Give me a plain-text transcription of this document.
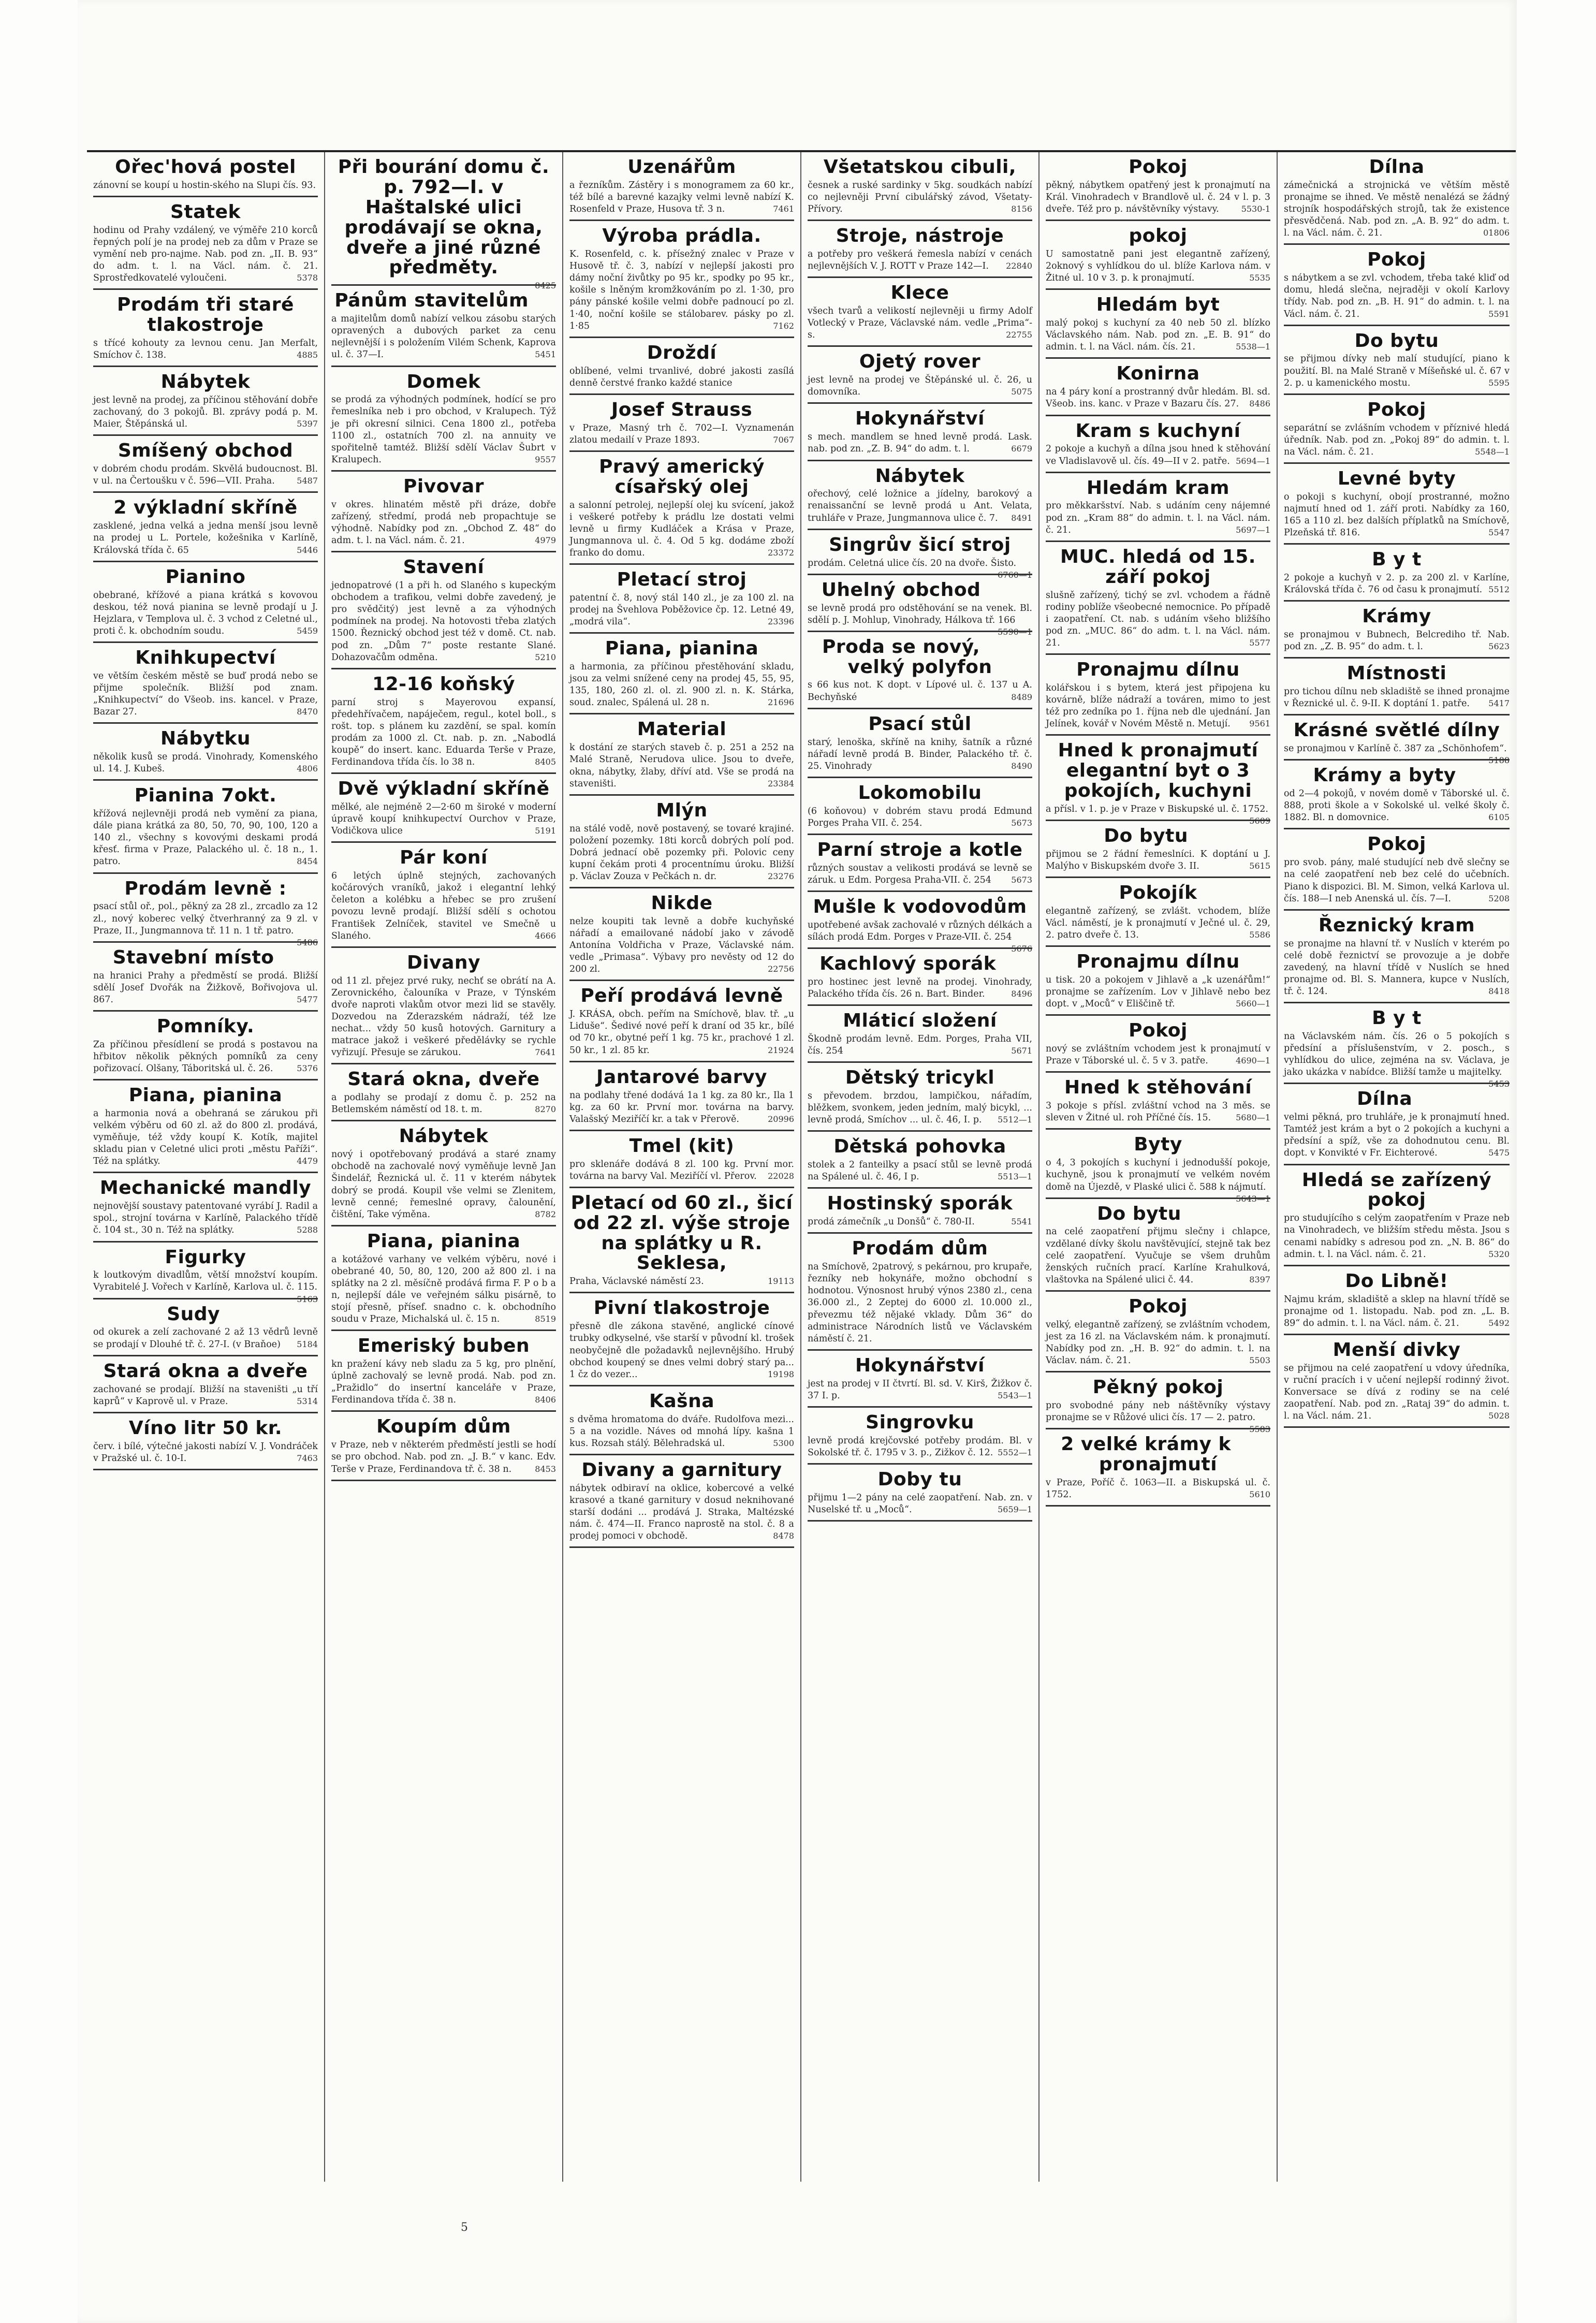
Ořec'hová postel

zánovní se koupí u hostin-ského na Slupi čís. 93.

Statek

hodinu od Prahy vzdálený, ve výměře 210 korců řepných polí je na prodej neb za dům v Praze se vymění neb pro-najme. Nab. pod zn. „II. B. 93“ do adm. t. l. na Václ. nám. č. 21. Sprostředkovatelé vyloučeni.	5378

Prodám tři staré tlakostroje

s třícé kohouty za levnou cenu. Jan Merfalt, Smíchov č. 138.	4885

Nábytek

jest levně na prodej, za příčinou stěhování dobře zachovaný, do 3 pokojů. Bl. zprávy podá p. M. Maier, Štěpánská ul.	5397

Smíšený obchod

v dobrém chodu prodám. Skvělá budoucnost. Bl. v ul. na Čertoušku v č. 596—VII. Praha.	5487

2 výkladní skříně

zasklené, jedna velká a jedna menší jsou levně na prodej u L. Portele, kožešnika v Karlíně, Královská třída č. 65	5446

Pianino

obebrané, křížové a piana krátká s kovovou deskou, též nová pianina se levně prodají u J. Hejzlara, v Templova ul. č. 3 vchod z Celetné ul., proti č. k. obchodním soudu.	5459

Knihkupectví

ve větším českém městě se buď prodá nebo se přijme společník. Bližší pod znam. „Knihkupectví“ do Všeob. ins. kancel. v Praze, Bazar 27.	8470

Nábytku

několik kusů se prodá. Vinohrady, Komenského ul. 14. J. Kubeš.	4806

Pianina 7okt.

křížová nejlevněji prodá neb vymění za piana, dále piana krátká za 80, 50, 70, 90, 100, 120 a 140 zl., všechny s kovovými deskami prodá křesť. firma v Praze, Palackého ul. č. 18 n., 1. patro.	8454

Prodám levně :

psací stůl oř., pol., pěkný za 28 zl., zrcadlo za 12 zl., nový koberec velký čtverhranný za 9 zl. v Praze, II., Jungmannova tř. 11 n. 1 tř. patro.
5486

Stavební místo

na hranici Prahy a předměstí se prodá. Bližší sdělí Josef Dvořák na Žižkově, Bořivojova ul. 867.	5477

Pomníky.

Za příčinou přesídlení se prodá s postavou na hřbitov několik pěkných pomníků za ceny pořizovací. Olšany, Táboritská ul. č. 26.	5376

Piana, pianina

a harmonia nová a obehraná se zárukou při velkém výběru od 60 zl. až do 800 zl. prodává, vyměňuje, též vždy koupí K. Kotík, majitel skladu pian v Celetné ulici proti „městu Paříži“. Též na splátky.	4479

Mechanické mandly

nejnovější soustavy patentované vyrábí J. Radil a spol., strojní továrna v Karlíně, Palackého třídě č. 104 st., 30 n. Též na splátky.	5288

Figurky

k loutkovým divadlům, větší množství koupím. Vyrabitelé J. Vořech v Karlíně, Karlova ul. č. 115.
5163

Sudy

od okurek a zelí zachované 2 až 13 vědrů levně se prodají v Dlouhé tř. č. 27-I. (v Braňoe)	5184

Stará okna a dveře

zachované se prodají. Bližší na staveništi „u tří kaprů“ v Kaprově ul. v Praze.	5314

Víno litr 50 kr.

červ. i bílé, výtečné jakosti nabízí V. J. Vondráček v Pražské ul. č. 10-I.	7463

Při bourání domu č. p. 792—I. v Haštalské ulici prodávají se okna, dveře a jiné různé předměty.

8425

Pánům stavitelům

a majitelům domů nabízí velkou zásobu starých opravených a dubových parket za cenu nejlevnější i s položením Vilém Schenk, Kaprova ul. č. 37—I.	5451

Domek

se prodá za výhodných podmínek, hodící se pro řemeslníka neb i pro obchod, v Kralupech. Týž je při okresní silnici. Cena 1800 zl., potřeba 1100 zl., ostatních 700 zl. na annuity ve spořitelně tamtéž. Bližší sdělí Václav Šubrt v Kralupech.	9557

Pivovar

v okres. hlinatém městě při dráze, dobře zařízený, středmí, prodá neb propachtuje se výhodně. Nabídky pod zn. „Obchod Z. 48“ do adm. t. l. na Václ. nám. č. 21.	4979

Stavení

jednopatrové (1 a při h. od Slaného s kupeckým obchodem a trafikou, velmi dobře zavedený, je pro svědčitý) jest levně a za výhodných podmínek na prodej. Na hotovosti třeba zlatých 1500. Řeznický obchod jest též v domě. Ct. nab. pod zn. „Dům 7“ poste restante Slané. Dohazovačům odměna.	5210

12-16 koňský

parní stroj s Mayerovou expansí, předehřívačem, napáječem, regul., kotel boll., s rošt. top. s plánem ku zazdění, se spal. komín prodám za 1000 zl. Ct. nab. p. zn. „Nabodlá koupě“ do insert. kanc. Eduarda Terše v Praze, Ferdinandova třída čís. lo 38 n.	8405

Dvě výkladní skříně

mělké, ale nejméně 2—2·60 m široké v moderní úpravě koupí knihkupectví Ourchov v Praze, Vodičkova ulice	5191

Pár koní

6 letých úplně stejných, zachovaných kočárových vraníků, jakož i elegantní lehký čeleton a kolébku a hřebec se pro zrušení povozu levně prodají. Bližší sdělí s ochotou František Zelníček, stavitel ve Smečně u Slaného.	4666

Divany

od 11 zl. přejez prvé ruky, nechť se obrátí na A. Zerovnického, čalouníka v Praze, v Týnském dvoře naproti vlakům otvor mezi lid se stavěly. Dozvedou na Zderazském nádraží, též lze nechat... vždy 50 kusů hotových. Garnitury a matrace jakož i veškeré předělávky se rychle vyřizují. Přesuje se zárukou.	7641

Stará okna, dveře

a podlahy se prodají z domu č. p. 252 na Betlemském náměstí od 18. t. m.	8270

Nábytek

nový i opotřebovaný prodává a staré znamy obchodě na zachovalé nový vyměňuje levně Jan Šindelář, Řeznická ul. č. 11 v kterém nábytek dobrý se prodá. Koupil vše velmi se Zlenitem, levně cenné; řemeslné opravy, čalounění, čištění, Take výměna.	8782

Piana, pianina

a kotážové varhany ve velkém výběru, nové i obebrané 40, 50, 80, 120, 200 až 800 zl. i na splátky na 2 zl. měsíčně prodává firma F. P o b a n, nejlepší dále ve veřejném sálku pisárně, to stojí přesně, přísef. snadno c. k. obchodního soudu v Praze, Michalská ul. č. 15 n.	8519

Emeriský buben

kn pražení kávy neb sladu za 5 kg, pro plnění, úplně zachovalý se levně prodá. Nab. pod zn. „Pražidlo“ do insertní kanceláře v Praze, Ferdinandova třída č. 38 n.	8406

Koupím dům

v Praze, neb v některém předměstí jestli se hodí se pro obchod. Nab. pod zn. „J. B.“ v kanc. Edv. Terše v Praze, Ferdinandova tř. č. 38 n.	8453

Uzenářům

a řezníkům. Zástěry i s monogramem za 60 kr., též bílé a barevné kazajky velmi levně nabízí K. Rosenfeld v Praze, Husova tř. 3 n.	7461

Výroba prádla.

K. Rosenfeld, c. k. přísežný znalec v Praze v Husově tř. č. 3, nabízí v nejlepší jakosti pro dámy noční živůtky po 95 kr., spodky po 95 kr., košile s lněným kromžkováním po zl. 1·30, pro pány pánské košile velmi dobře padnoucí po zl. 1·40, noční košile se stálobarev. pásky po zl. 1·85	7162

Droždí

oblíbené, velmi trvanlivé, dobré jakosti zasílá denně čerstvé franko každé stanice

Josef Strauss

v Praze, Masný trh č. 702—I. Vyznamenán zlatou medailí v Praze 1893.	7067

Pravý americký císařský olej

a salonní petrolej, nejlepší olej ku svícení, jakož i veškeré potřeby k prádlu lze dostati velmi levně u firmy Kudláček a Krása v Praze, Jungmannova ul. č. 4. Od 5 kg. dodáme zboží franko do domu.	23372

Pletací stroj

patentní č. 8, nový stál 140 zl., je za 100 zl. na prodej na Švehlova Poběžovice čp. 12. Letné 49, „modrá vila“.	23396

Piana, pianina

a harmonia, za příčinou přestěhování skladu, jsou za velmi snížené ceny na prodej 45, 55, 95, 135, 180, 260 zl. ol. zl. 900 zl. n. K. Stárka, soud. znalec, Spálená ul. 28 n.	21696

Material

k dostání ze starých staveb č. p. 251 a 252 na Malé Straně, Nerudova ulice. Jsou to dveře, okna, nábytky, žlaby, dříví atd. Vše se prodá na staveništi.	23384

Mlýn

na stálé vodě, nově postavený, se tovaré krajiné. položení pozemky. 18ti korců dobrých polí pod. Dobrá jednací obě pozemky při. Polovic ceny kupní čekám proti 4 procentnímu úroku. Bližší p. Václav Zouza v Pečkách n. dr.	23276

Nikde

nelze koupiti tak levně a dobře kuchyňské nářadí a emailované nádobí jako v závodě Antonína Voldřicha v Praze, Václavské nám. vedle „Primasa“. Výbavy pro nevěsty od 12 do 200 zl.	22756

Peří prodává levně

J. KRÁSA, obch. peřím na Smíchově, blav. tř. „u Liduše“. Šedivé nové peří k draní od 35 kr., bílé od 70 kr., obytné peří 1 kg. 75 kr., prachové 1 zl. 50 kr., 1 zl. 85 kr.	21924

Jantarové barvy

na podlahy třené dodává 1a 1 kg. za 80 kr., Ila 1 kg. za 60 kr. První mor. továrna na barvy. Valašský Meziříčí kr. a tak v Přerově.	20996

Tmel (kit)

pro sklenáře dodává 8 zl. 100 kg. První mor. továrna na barvy Val. Meziříčí vl. Přerov.	22028

Pletací od 60 zl., šicí od 22 zl. výše stroje na splátky u R. Seklesa,

Praha, Václavské náměstí 23.	19113

Pivní tlakostroje

přesně dle zákona stavěné, anglické cínové trubky odkyselné, vše starší v původní kl. trošek neobyčejně dle požadavků nejlevnějšího. Hrubý obchod koupený se dnes velmi dobrý starý pa... 1 čz do vezer...	19198

Kašna

s dvěma hromatoma do dváře. Rudolfova mezi... 5 a na vozidle. Náves od mnohá lípy. kašna 1 kus. Rozsah stálý. Bělehradská ul.	5300

Divany a garnitury

nábytek odbiraví na oklice, kobercové a velké krasové a tkané garnitury v dosud neknihované starší dodáni ... prodává J. Straka, Maltézské nám. č. 474—II. Franco naprostě na stol. č. 8 a prodej pomoci v obchodě.	8478

Všetatskou cibuli,

česnek a ruské sardinky v 5kg. soudkách nabízí co nejlevněji První cibulářský závod, Všetaty-Přívory.	8156

Stroje, nástroje

a potřeby pro veškerá řemesla nabízí v cenách nejlevnějších V. J. ROTT v Praze 142—I.	22840

Klece

všech tvarů a velikostí nejlevněji u firmy Adolf Votlecký v Praze, Václavské nám. vedle „Prima“-s.	22755

Ojetý rover

jest levně na prodej ve Štěpánské ul. č. 26, u domovníka.	5075

Hokynářství

s mech. mandlem se hned levně prodá. Lask. nab. pod zn. „Z. B. 94“ do adm. t. l.	6679

Nábytek

ořechový, celé ložnice a jídelny, barokový a renaissanční se levně prodá u Ant. Velata, truhláře v Praze, Jungmannova ulice č. 7.	8491

Singrův šicí stroj

prodám. Celetná ulice čís. 20 na dvoře. Šisto.
6760—1

Uhelný obchod

se levně prodá pro odstěhování se na venek. Bl. sdělí p. J. Mohlup, Vinohrady, Hálkova tř. 166
5590—1

Proda se nový, velký polyfon

s 66 kus not. K dopt. v Lípové ul. č. 137 u A. Bechyňské	8489

Psací stůl

starý, lenoška, skříně na knihy, šatník a různé nářadí levně prodá B. Binder, Palackého tř. č. 25. Vinohrady	8490

Lokomobilu

(6 koňovou) v dobrém stavu prodá Edmund Porges Praha VII. č. 254.	5673

Parní stroje a kotle

různých soustav a velikosti prodává se levně se záruk. u Edm. Porgesa Praha-VII. č. 254	5673

Mušle k vodovodům

upotřebené avšak zachovalé v různých délkách a sílách prodá Edm. Porges v Praze-VII. č. 254
5676

Kachlový sporák

pro hostinec jest levně na prodej. Vinohrady, Palackého třída čís. 26 n. Bart. Binder.	8496

Mláticí složení

Škodně prodám levně. Edm. Porges, Praha VII, čís. 254	5671

Dětský tricykl

s převodem. brzdou, lampičkou, nářadím, blěžkem, svonkem, jeden jedním, malý bicykl, ... levně prodá, Smíchov ... ul. č. 46, I. p.	5512—1

Dětská pohovka

stolek a 2 fanteilky a psací stůl se levně prodá na Spálené ul. č. 46, I p.	5513—1

Hostinský sporák

prodá zámečník „u Donšů“ č. 780-II.	5541

Prodám dům

na Smíchově, 2patrový, s pekárnou, pro krupaře, řezníky neb hokynáře, možno obchodní s hodnotou. Výnosnost hrubý výnos 2380 zl., cena 36.000 zl., 2 Zeptej do 6000 zl. 10.000 zl., převezmu též nějaké vklady. Dům 36“ do administrace Národních listů ve Václavském náměstí č. 21.

Hokynářství

jest na prodej v II čtvrtí. Bl. sd. V. Kirš, Žižkov č. 37 I. p.	5543—1

Singrovku

levně prodá krejčovské potřeby prodám. Bl. v Sokolské tř. č. 1795 v 3. p., Zižkov č. 12. 5552—1

Doby tu

přijmu 1—2 pány na celé zaopatření. Nab. zn. v Nuselské tř. u „Moců“.	5659—1

Pokoj

pěkný, nábytkem opatřený jest k pronajmutí na Král. Vinohradech v Brandlově ul. č. 24 v l. p. 3 dveře. Též pro p. návštěvníky výstavy.	5530-1

pokoj

U samostatně pani jest elegantně zařízený, 2oknový s vyhlídkou do ul. blíže Karlova nám. v Žitné ul. 10 v 3. p. k pronajmutí.	5535

Hledám byt

malý pokoj s kuchyní za 40 neb 50 zl. blízko Václavského nám. Nab. pod zn. „E. B. 91“ do admin. t. l. na Václ. nám. čís. 21.	5538—1

Konirna

na 4 páry koní a prostranný dvůr hledám. Bl. sd. Všeob. ins. kanc. v Praze v Bazaru čís. 27.	8486

Kram s kuchyní

2 pokoje a kuchyň a dílna jsou hned k stěhování ve Vladislavově ul. čís. 49—II v 2. patře. 5694—1

Hledám kram

pro měkkaršství. Nab. s udáním ceny nájemné pod zn. „Kram 88“ do admin. t. l. na Václ. nám. č. 21.	5697—1

MUC. hledá od 15. září pokoj

slušně zařízený, tichý se zvl. vchodem a řádně rodiny poblíže všeobecné nemocnice. Po případě i zaopatření. Ct. nab. s udáním všeho bližšího pod zn. „MUC. 86“ do adm. t. l. na Václ. nám. 21.	5577

Pronajmu dílnu

kolářskou i s bytem, která jest připojena ku kovárně, blíže nádraží a továren, mimo to jest též pro zedníka po 1. října neb dle ujednání. Jan Jelínek, kovář v Novém Městě n. Metují.	9561

Hned k pronajmutí elegantní byt o 3 pokojích, kuchyni

a přísl. v 1. p. je v Praze v Biskupské ul. č. 1752.
5609

Do bytu

přijmou se 2 řádní řemeslníci. K doptání u J. Malýho v Biskupském dvoře 3. II.	5615

Pokojík

elegantně zařízený, se zvlášt. vchodem, blíže Václ. náměstí, je k pronajmutí v Ječné ul. č. 29, 2. patro dveře č. 13.	5586

Pronajmu dílnu

u tisk. 20 a pokojem v Jihlavě a „k uzenářům!“ pronajme se zařízením. Lov v Jihlavě nebo bez dopt. v „Moců“ v Eliščině tř.	5660—1

Pokoj

nový se zvláštním vchodem jest k pronajmutí v Praze v Táborské ul. č. 5 v 3. patře.	4690—1

Hned k stěhování

3 pokoje s přísl. zvláštní vchod na 3 měs. se sleven v Žitné ul. roh Příčné čís. 15.	5680—1

Byty

o 4, 3 pokojích s kuchyní i jednodušší pokoje, kuchyně, jsou k pronajmutí ve velkém novém domě na Újezdě, v Plaské ulici č. 588 k nájmutí.
5643—1

Do bytu

na celé zaopatření přijmu slečny i chlapce, vzdělané dívky školu navštěvující, stejně tak bez celé zaopatření. Vyučuje se všem druhům ženských ručních prací. Karlíne Krahulková, vlaštovka na Spálené ulici č. 44.	8397

Pokoj

velký, elegantně zařízený, se zvláštním vchodem, jest za 16 zl. na Václavském nám. k pronajmutí. Nabídky pod zn. „H. B. 92“ do admin. t. l. na Václav. nám. č. 21.	5503

Pěkný pokoj

pro svobodné pány neb náštěvníky výstavy pronajme se v Růžové ulici čís. 17 — 2. patro.
5583

2 velké krámy k pronajmutí

v Praze, Poříč č. 1063—II. a Biskupská ul. č. 1752.	5610

Dílna

zámečnická a strojnická ve větším městě pronajme se ihned. Ve městě nenalézá se žádný strojník hospodářských strojů, tak že existence přesvědčená. Nab. pod zn. „A. B. 92“ do adm. t. l. na Václ. nám. č. 21.	01806

Pokoj

s nábytkem a se zvl. vchodem, třeba také kliď od domu, hledá slečna, nejraději v okolí Karlovy třídy. Nab. pod zn. „B. H. 91“ do admin. t. l. na Václ. nám. č. 21.	5591

Do bytu

se přijmou dívky neb malí studující, piano k použití. Bl. na Malé Straně v Míšeňské ul. č. 67 v 2. p. u kamenického mostu.	5595

Pokoj

separátní se zvlášním vchodem v příznivé hledá úředník. Nab. pod zn. „Pokoj 89“ do admin. t. l. na Václ. nám. č. 21.	5548—1

Levné byty

o pokoji s kuchyní, obojí prostranné, možno najmutí hned od 1. září proti. Nabídky za 160, 165 a 110 zl. bez dalších příplatků na Smíchově, Plzeňská tř. 816.	5547

B y t

2 pokoje a kuchyň v 2. p. za 200 zl. v Karlíne, Královská třída č. 76 od času k pronajmutí. 5512

Krámy

se pronajmou v Bubnech, Belcrediho tř. Nab. pod zn. „Z. B. 95“ do adm. t. l.	5623

Místnosti

pro tichou dílnu neb skladiště se ihned pronajme v Řeznické ul. č. 9-II. K doptání 1. patře.	5417

Krásné světlé dílny

se pronajmou v Karlíně č. 387 za „Schönhofem“.
5188

Krámy a byty

od 2—4 pokojů, v novém domě v Táborské ul. č. 888, proti škole a v Sokolské ul. velké školy č. 1882. Bl. n domovnice.	6105

Pokoj

pro svob. pány, malé studující neb dvě slečny se na celé zaopatření neb bez celé do učebních. Piano k dispozici. Bl. M. Simon, velká Karlova ul. čís. 188—I neb Anenská ul. čís. 7—I.	5208

Řeznický kram

se pronajme na hlavní tř. v Nuslích v kterém po celé době řeznictví se provozuje a je dobře zavedený, na hlavní třídě v Nuslích se hned pronajme od. Bl. S. Mannera, kupce v Nuslích, tř. č. 124.	8418

B y t

na Václavském nám. čís. 26 o 5 pokojích s předsíní a příslušenstvím, v 2. posch., s vyhlídkou do ulice, zejména na sv. Václava, je jako ukázka v nabídce. Bližší tamže u majitelky.
5453

Dílna

velmi pěkná, pro truhláře, je k pronajmutí hned. Tamtéž jest krám a byt o 2 pokojích a kuchyni a předsíní a spíž, vše za dohodnutou cenu. Bl. dopt. v Konvikté v Fr. Eichterové.	5475

Hledá se zařízený pokoj

pro studujícího s celým zaopatřením v Praze neb na Vinohradech, ve bližším středu města. Jsou s cenami nabídky s adresou pod zn. „N. B. 86“ do admin. t. l. na Václ. nám. č. 21.	5320

Do Libně!

Najmu krám, skladiště a sklep na hlavní třídě se pronajme od 1. listopadu. Nab. pod zn. „L. B. 89“ do admin. t. l. na Václ. nám. č. 21.	5492

Menší divky

se přijmou na celé zaopatření u vdovy úředníka, v ruční pracích i v učení nejlepší rodinný život. Konversace se dívá z rodiny se na celé zaopatření. Nab. pod zn. „Rataj 39“ do admin. t. l. na Václ. nám. 21.	5028

5
